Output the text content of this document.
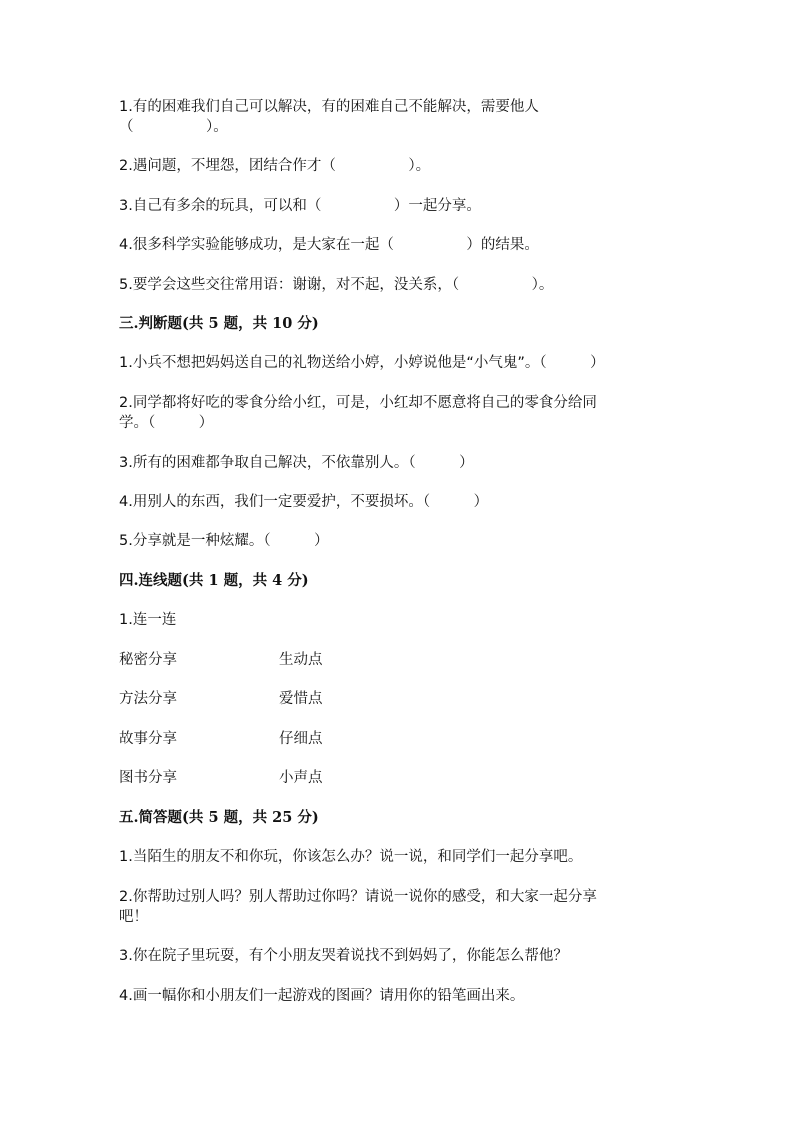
1.有的困难我们自己可以解决，有的困难自己不能解决，需要他人
（　　　　　）。
2.遇问题，不埋怨，团结合作才（　　　　　）。
3.自己有多余的玩具，可以和（　　　　　）一起分享。
4.很多科学实验能够成功，是大家在一起（　　　　　）的结果。
5.要学会这些交往常用语：谢谢，对不起，没关系，（　　　　　）。
三.判断题(共 5 题，共 10 分)
1.小兵不想把妈妈送自己的礼物送给小婷，小婷说他是“小气鬼”。（　　　）
2.同学都将好吃的零食分给小红，可是，小红却不愿意将自己的零食分给同
学。（　　　）
3.所有的困难都争取自己解决，不依靠别人。（　　　）
4.用别人的东西，我们一定要爱护，不要损坏。（　　　）
5.分享就是一种炫耀。（　　　）
四.连线题(共 1 题，共 4 分)
1.连一连
秘密分享	生动点
方法分享	爱惜点
故事分享	仔细点
图书分享	小声点
五.简答题(共 5 题，共 25 分)
1.当陌生的朋友不和你玩，你该怎么办？说一说，和同学们一起分享吧。
2.你帮助过别人吗？别人帮助过你吗？请说一说你的感受，和大家一起分享
吧！
3.你在院子里玩耍，有个小朋友哭着说找不到妈妈了，你能怎么帮他？
4.画一幅你和小朋友们一起游戏的图画？请用你的铅笔画出来。
